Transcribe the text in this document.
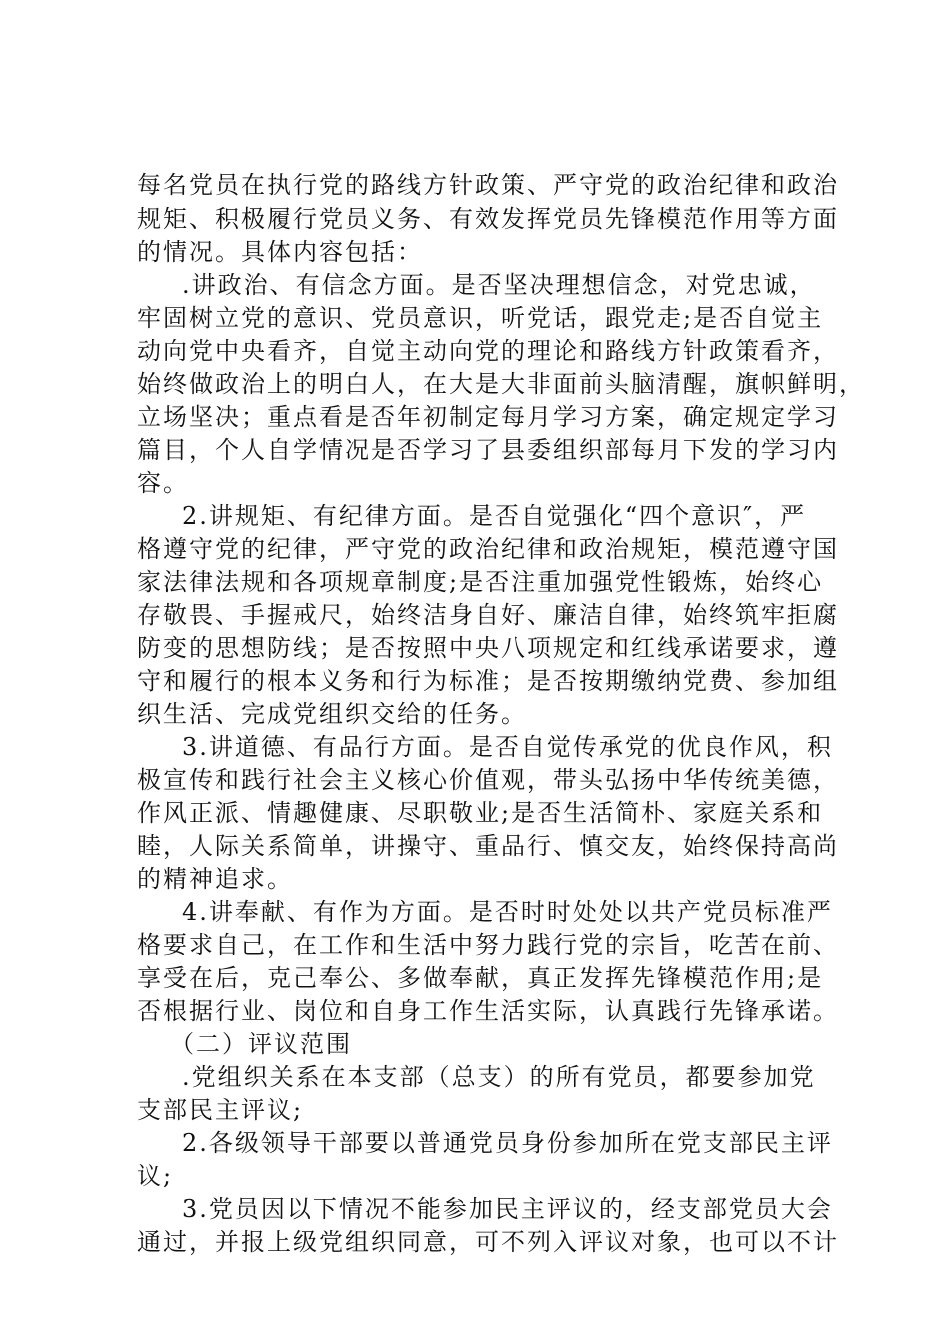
每名党员在执行党的路线方针政策、严守党的政治纪律和政治
规矩、积极履行党员义务、有效发挥党员先锋模范作用等方面
的情况。具体内容包括：
.讲政治、有信念方面。是否坚决理想信念，对党忠诚，
牢固树立党的意识、党员意识，听党话，跟党走;是否自觉主
动向党中央看齐，自觉主动向党的理论和路线方针政策看齐，
始终做政治上的明白人，在大是大非面前头脑清醒，旗帜鲜明，
立场坚决；重点看是否年初制定每月学习方案，确定规定学习
篇目，个人自学情况是否学习了县委组织部每月下发的学习内
容。
2.讲规矩、有纪律方面。是否自觉强化“四个意识″，严
格遵守党的纪律，严守党的政治纪律和政治规矩，模范遵守国
家法律法规和各项规章制度;是否注重加强党性锻炼，始终心
存敬畏、手握戒尺，始终洁身自好、廉洁自律，始终筑牢拒腐
防变的思想防线；是否按照中央八项规定和红线承诺要求，遵
守和履行的根本义务和行为标准；是否按期缴纳党费、参加组
织生活、完成党组织交给的任务。
3.讲道德、有品行方面。是否自觉传承党的优良作风，积
极宣传和践行社会主义核心价值观，带头弘扬中华传统美德，
作风正派、情趣健康、尽职敬业;是否生活简朴、家庭关系和
睦，人际关系简单，讲操守、重品行、慎交友，始终保持高尚
的精神追求。
4.讲奉献、有作为方面。是否时时处处以共产党员标准严
格要求自己，在工作和生活中努力践行党的宗旨，吃苦在前、
享受在后，克己奉公、多做奉献，真正发挥先锋模范作用;是
否根据行业、岗位和自身工作生活实际，认真践行先锋承诺。
（二）评议范围
.党组织关系在本支部（总支）的所有党员，都要参加党
支部民主评议;
2.各级领导干部要以普通党员身份参加所在党支部民主评
议;
3.党员因以下情况不能参加民主评议的，经支部党员大会
通过，并报上级党组织同意，可不列入评议对象，也可以不计
